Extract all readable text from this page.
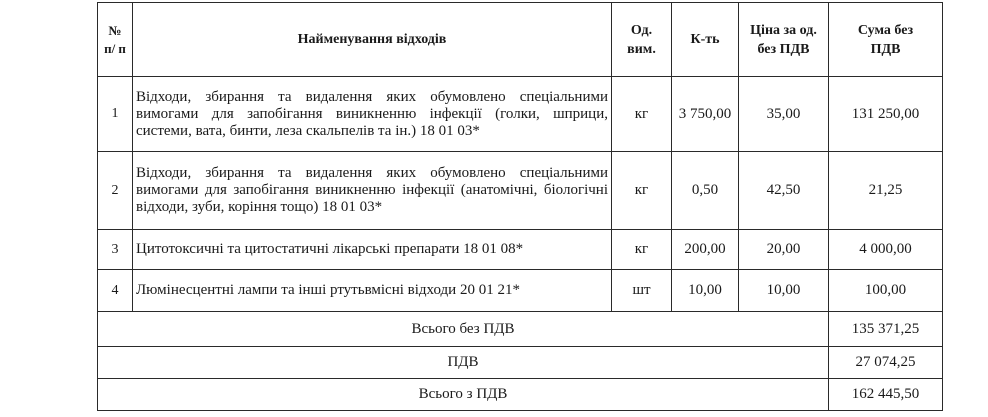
№ п/ п	Найменування відходів	Од. вим.	К-ть	Ціна за од. без ПДВ	Сума без ПДВ
1	Відходи, збирання та видалення яких обумовлено спеціальними вимогами для запобігання виникненню інфекції (голки, шприци, системи, вата, бинти, леза скальпелів та ін.) 18 01 03*	кг	3 750,00	35,00	131 250,00
2	Відходи, збирання та видалення яких обумовлено спеціальними вимогами для запобігання виникненню інфекції (анатомічні, біологічні відходи, зуби, коріння тощо) 18 01 03*	кг	0,50	42,50	21,25
3	Цитотоксичні та цитостатичні лікарські препарати 18 01 08*	кг	200,00	20,00	4 000,00
4	Люмінесцентні лампи та інші ртутьвмісні відходи 20 01 21*	шт	10,00	10,00	100,00
Всього без ПДВ					135 371,25
ПДВ					27 074,25
Всього з ПДВ					162 445,50
